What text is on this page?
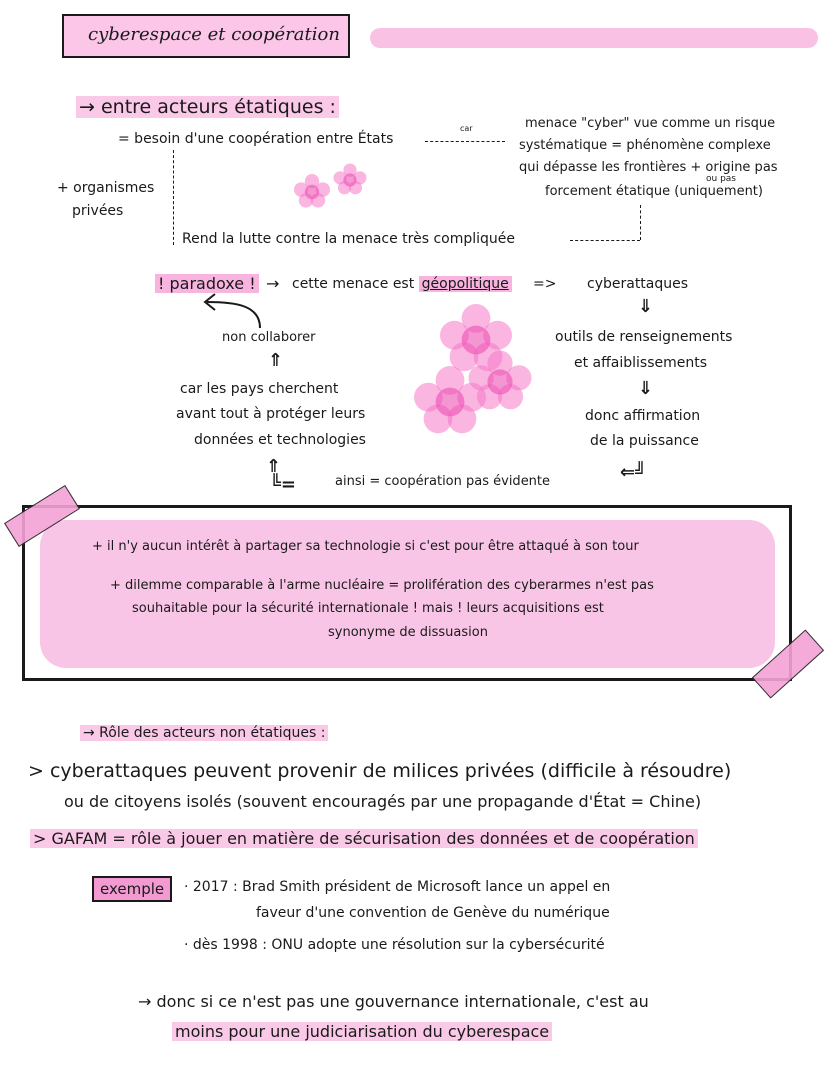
cyberespace et coopération
→ entre acteurs étatiques :
= besoin d'une coopération entre États
car	menace "cyber" vue comme un risque
systématique = phénomène complexe
qui dépasse les frontières + origine pas
forcement étatique (uniquement)
ou pas
+ organismes
privées
Rend la lutte contre la menace très compliquée
! paradoxe ! → cette menace est géopolitique => cyberattaques
⇓
outils de renseignements
et affaiblissements
⇓
donc affirmation
de la puissance
⇐╝
non collaborer
⇑
car les pays cherchent
avant tout à protéger leurs
données et technologies
⇑
╚=	ainsi = coopération pas évidente
+ il n'y aucun intérêt à partager sa technologie si c'est pour être attaqué à son tour
+ dilemme comparable à l'arme nucléaire = prolifération des cyberarmes n'est pas
souhaitable pour la sécurité internationale ! mais ! leurs acquisitions est
synonyme de dissuasion
→ Rôle des acteurs non étatiques :
> cyberattaques peuvent provenir de milices privées (difficile à résoudre)
ou de citoyens isolés (souvent encouragés par une propagande d'État = Chine)
> GAFAM = rôle à jouer en matière de sécurisation des données et de coopération
exemple	· 2017 : Brad Smith président de Microsoft lance un appel en
faveur d'une convention de Genève du numérique
· dès 1998 : ONU adopte une résolution sur la cybersécurité
→ donc si ce n'est pas une gouvernance internationale, c'est au
moins pour une judiciarisation du cyberespace
